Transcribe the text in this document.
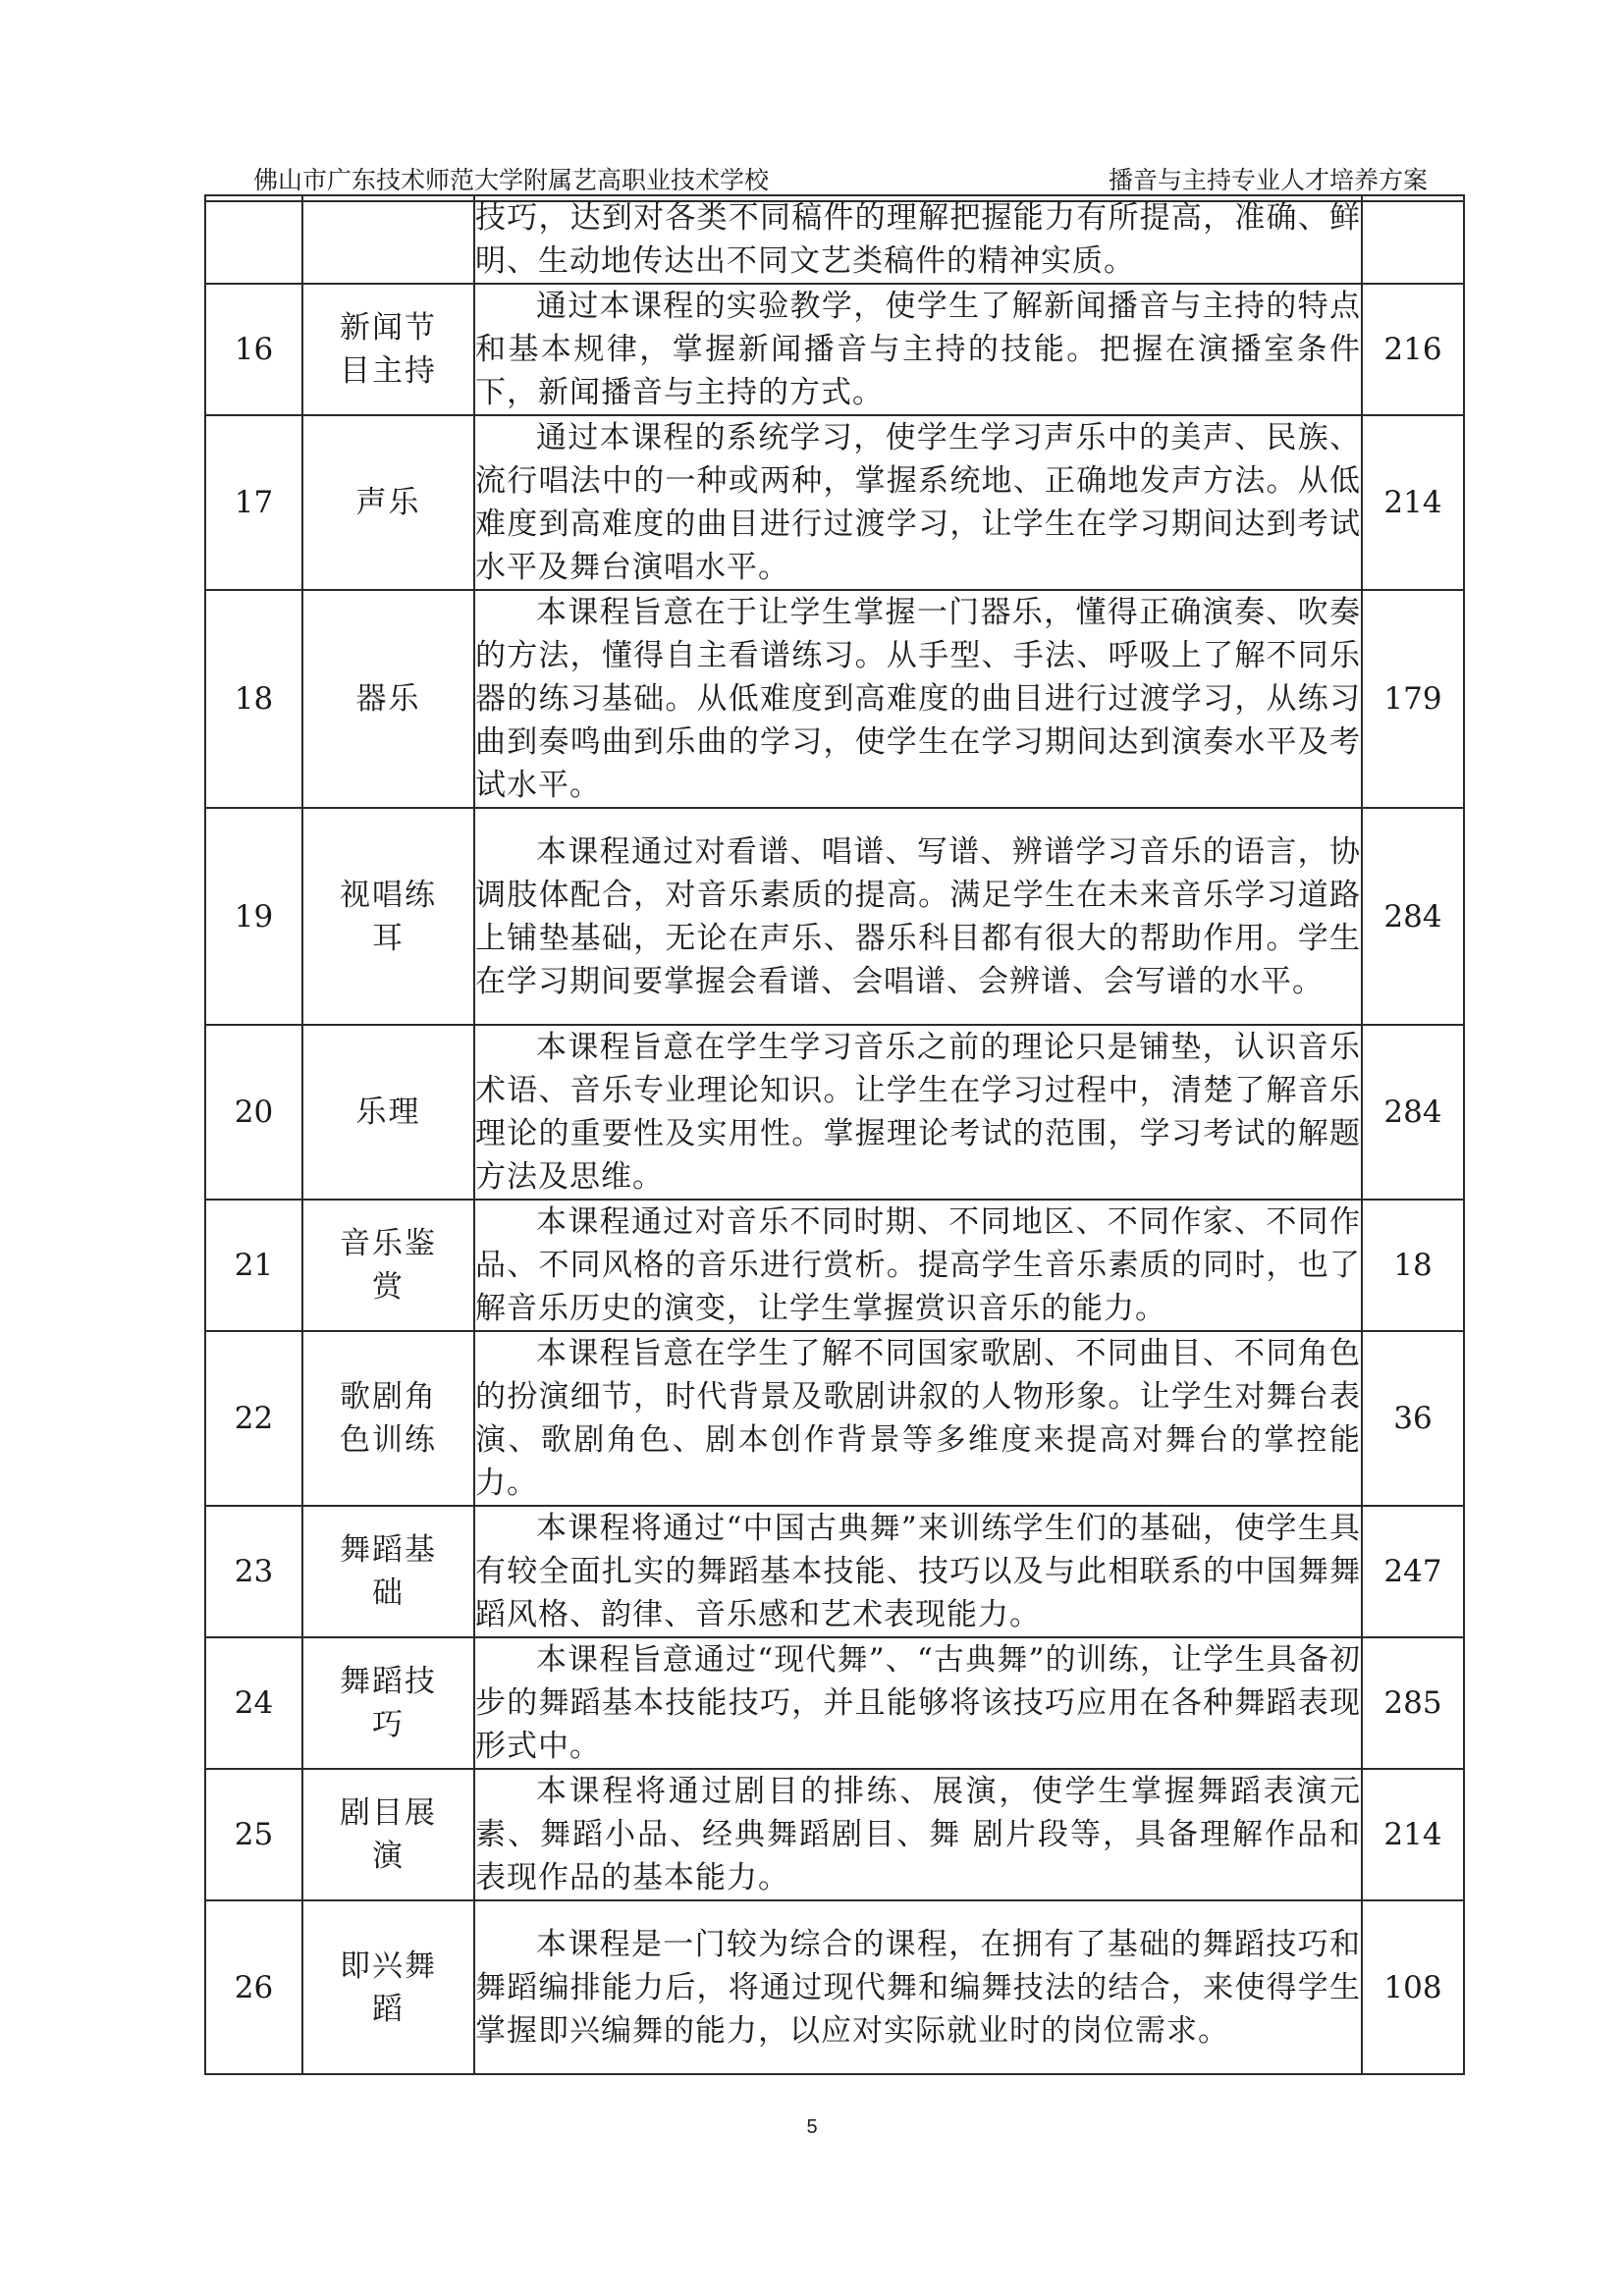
佛山市广东技术师范大学附属艺高职业技术学校	播音与主持专业人才培养方案
		技巧，达到对各类不同稿件的理解把握能力有所提高，准确、鲜明、生动地传达出不同文艺类稿件的精神实质。	
16	新闻节目主持	通过本课程的实验教学，使学生了解新闻播音与主持的特点和基本规律，掌握新闻播音与主持的技能。把握在演播室条件下，新闻播音与主持的方式。	216
17	声乐	通过本课程的系统学习，使学生学习声乐中的美声、民族、流行唱法中的一种或两种，掌握系统地、正确地发声方法。从低难度到高难度的曲目进行过渡学习，让学生在学习期间达到考试水平及舞台演唱水平。	214
18	器乐	本课程旨意在于让学生掌握一门器乐，懂得正确演奏、吹奏的方法，懂得自主看谱练习。从手型、手法、呼吸上了解不同乐器的练习基础。从低难度到高难度的曲目进行过渡学习，从练习曲到奏鸣曲到乐曲的学习，使学生在学习期间达到演奏水平及考试水平。	179
19	视唱练耳	本课程通过对看谱、唱谱、写谱、辨谱学习音乐的语言，协调肢体配合，对音乐素质的提高。满足学生在未来音乐学习道路上铺垫基础，无论在声乐、器乐科目都有很大的帮助作用。学生在学习期间要掌握会看谱、会唱谱、会辨谱、会写谱的水平。	284
20	乐理	本课程旨意在学生学习音乐之前的理论只是铺垫，认识音乐术语、音乐专业理论知识。让学生在学习过程中，清楚了解音乐理论的重要性及实用性。掌握理论考试的范围，学习考试的解题方法及思维。	284
21	音乐鉴赏	本课程通过对音乐不同时期、不同地区、不同作家、不同作品、不同风格的音乐进行赏析。提高学生音乐素质的同时，也了解音乐历史的演变，让学生掌握赏识音乐的能力。	18
22	歌剧角色训练	本课程旨意在学生了解不同国家歌剧、不同曲目、不同角色的扮演细节，时代背景及歌剧讲叙的人物形象。让学生对舞台表演、歌剧角色、剧本创作背景等多维度来提高对舞台的掌控能力。	36
23	舞蹈基础	本课程将通过“中国古典舞”来训练学生们的基础，使学生具有较全面扎实的舞蹈基本技能、技巧以及与此相联系的中国舞舞蹈风格、韵律、音乐感和艺术表现能力。	247
24	舞蹈技巧	本课程旨意通过“现代舞”、“古典舞”的训练，让学生具备初步的舞蹈基本技能技巧，并且能够将该技巧应用在各种舞蹈表现形式中。	285
25	剧目展演	本课程将通过剧目的排练、展演，使学生掌握舞蹈表演元素、舞蹈小品、经典舞蹈剧目、舞 剧片段等，具备理解作品和表现作品的基本能力。	214
26	即兴舞蹈	本课程是一门较为综合的课程，在拥有了基础的舞蹈技巧和舞蹈编排能力后，将通过现代舞和编舞技法的结合，来使得学生掌握即兴编舞的能力，以应对实际就业时的岗位需求。	108
5
